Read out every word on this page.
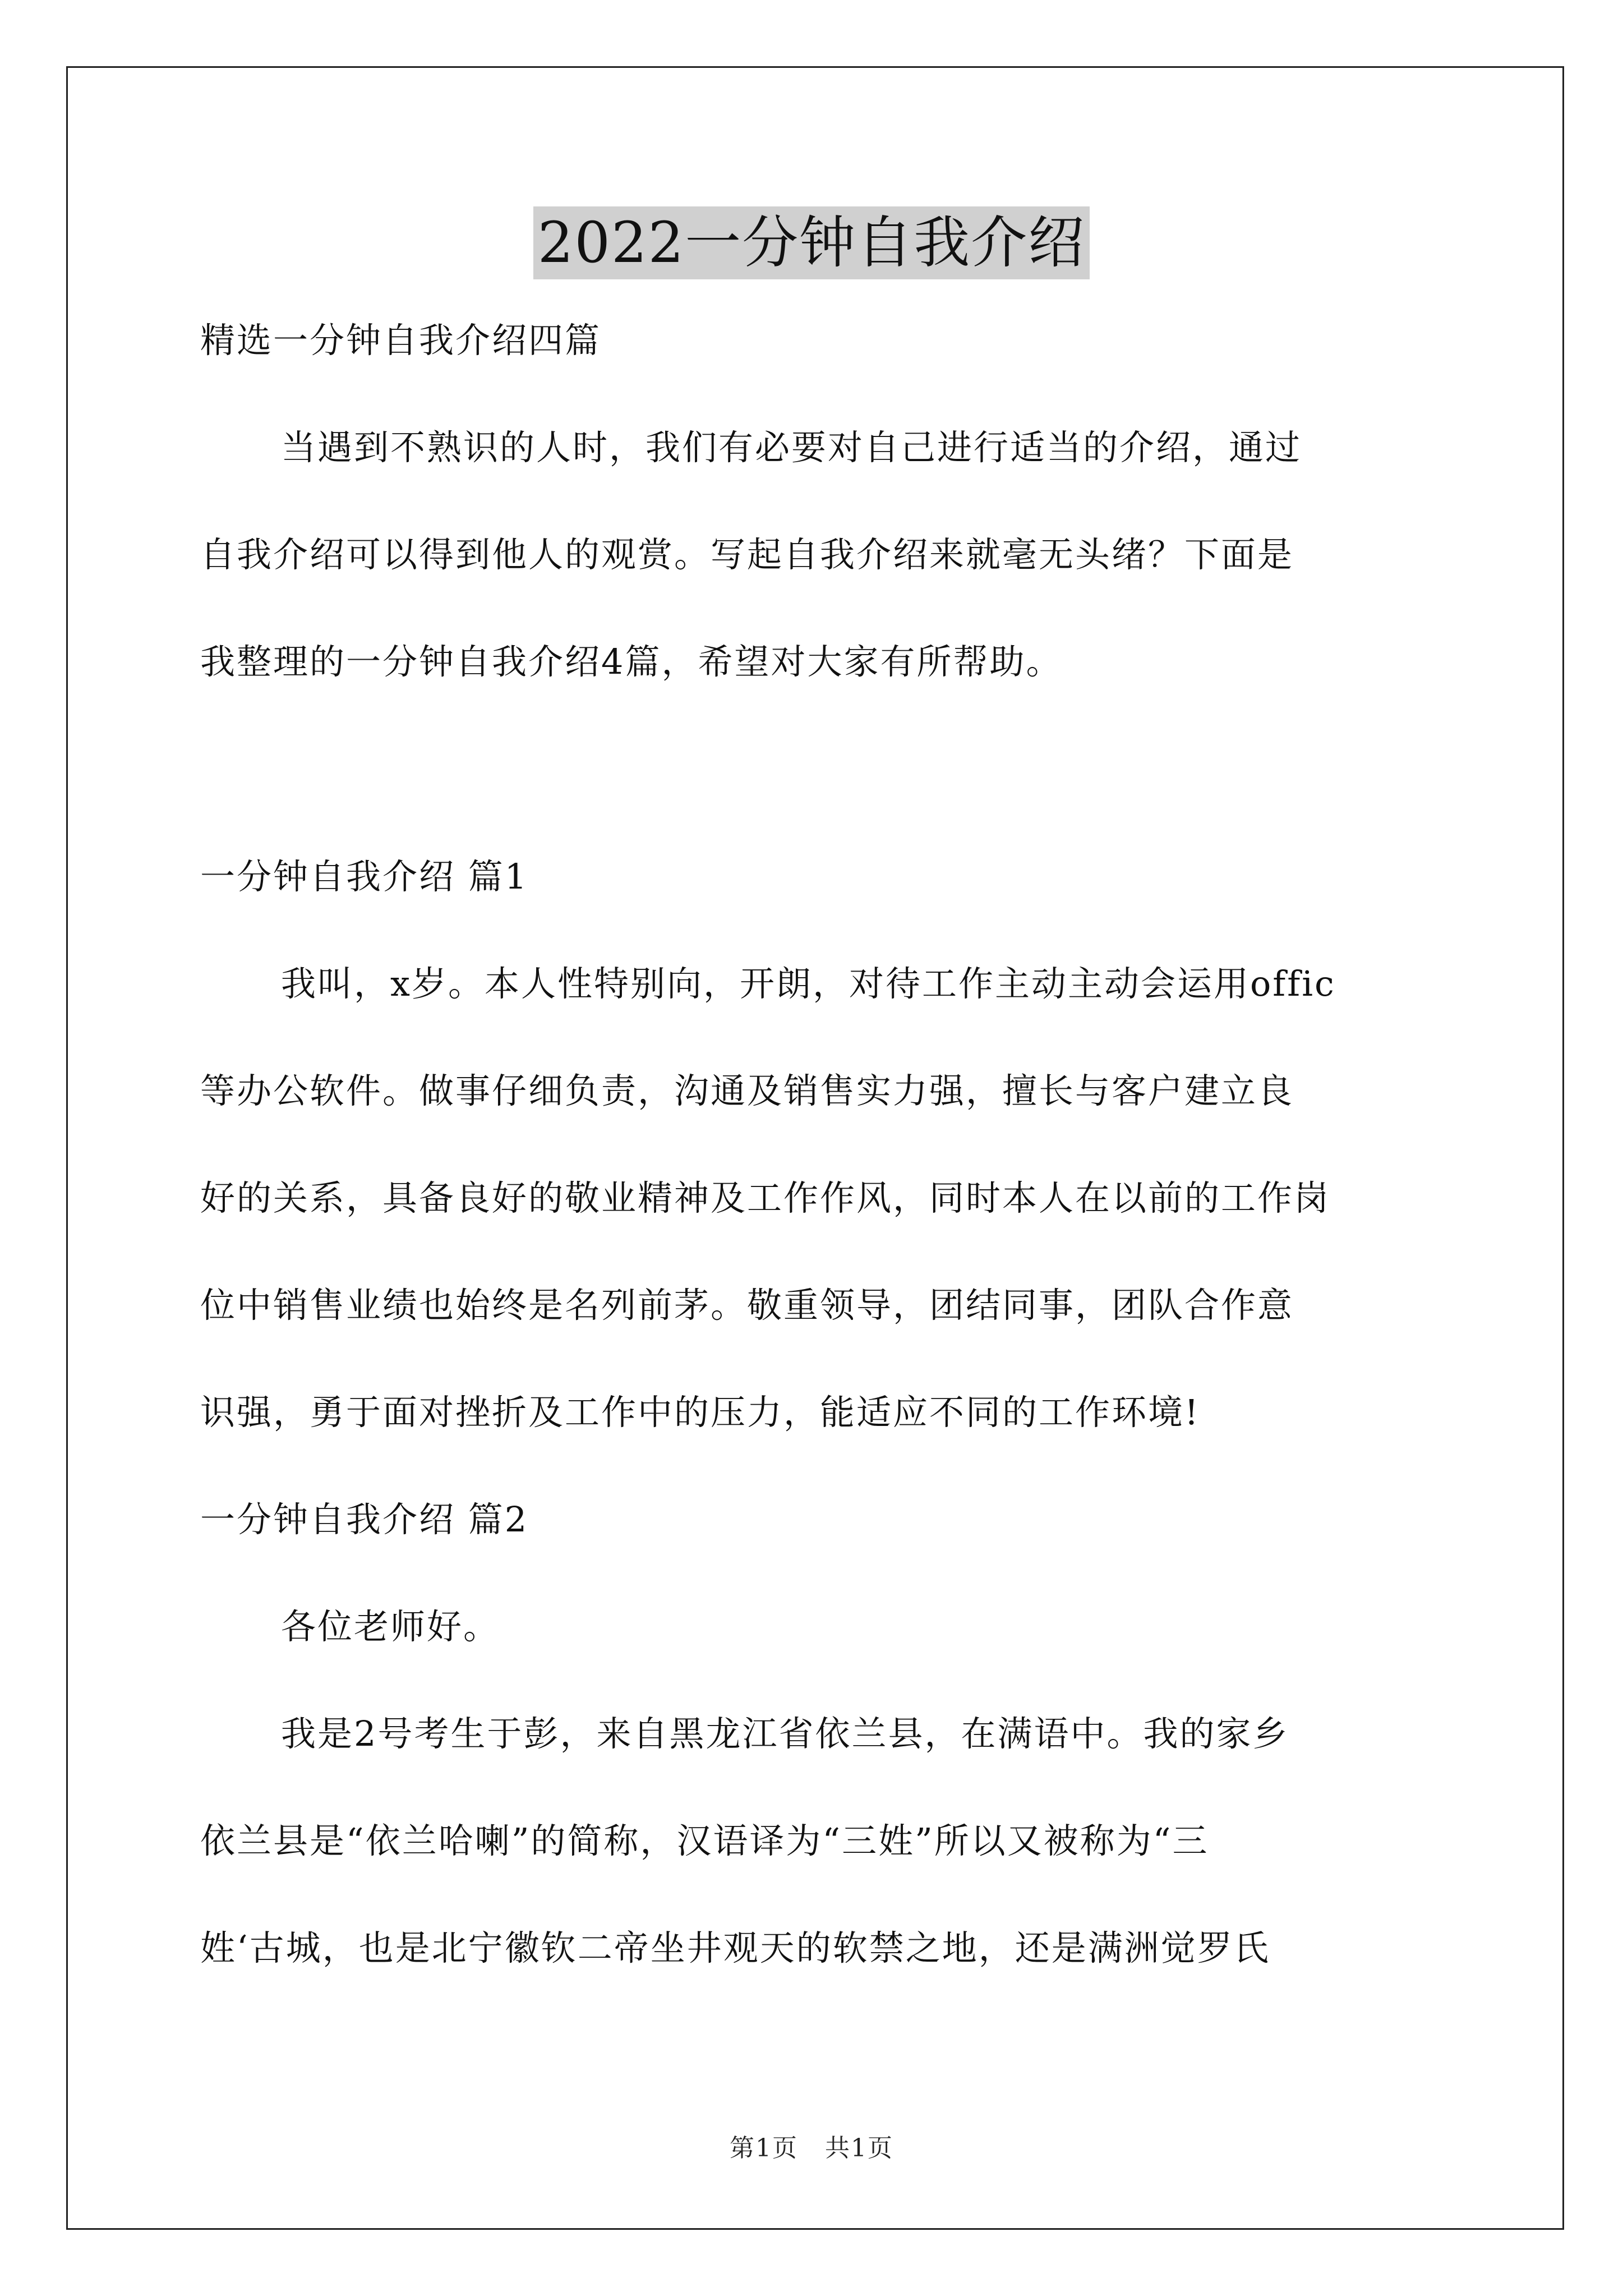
2022一分钟自我介绍
精选一分钟自我介绍四篇
当遇到不熟识的人时，我们有必要对自己进行适当的介绍，通过
自我介绍可以得到他人的观赏。写起自我介绍来就毫无头绪？下面是
我整理的一分钟自我介绍4篇，希望对大家有所帮助。
一分钟自我介绍 篇1
我叫，x岁。本人性特别向，开朗，对待工作主动主动会运用offic
等办公软件。做事仔细负责，沟通及销售实力强，擅长与客户建立良
好的关系，具备良好的敬业精神及工作作风，同时本人在以前的工作岗
位中销售业绩也始终是名列前茅。敬重领导，团结同事，团队合作意
识强，勇于面对挫折及工作中的压力，能适应不同的工作环境!
一分钟自我介绍 篇2
各位老师好。
我是2号考生于彭，来自黑龙江省依兰县，在满语中。我的家乡
依兰县是“依兰哈喇”的简称，汉语译为“三姓”所以又被称为“三
姓‘古城，也是北宁徽钦二帝坐井观天的软禁之地，还是满洲觉罗氏
第1页 共1页
